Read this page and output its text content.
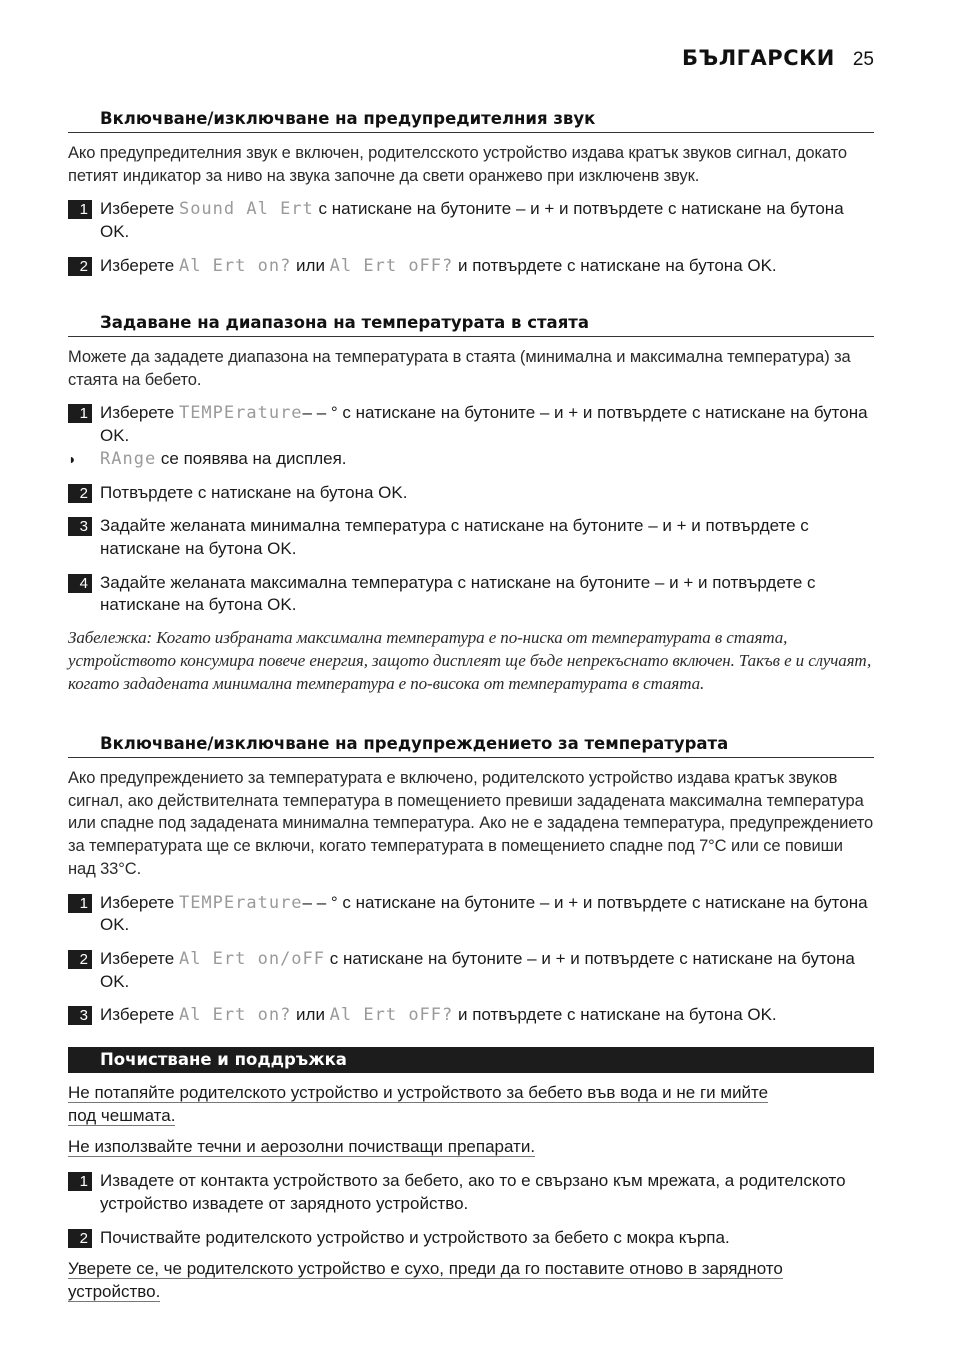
БЪЛГАРСКИ 25
Включване/изключване на предупредителния звук
Ако предупредителния звук е включен, родителсското устройство издава кратък звуков сигнал, докато петият индикатор за ниво на звука започне да свети оранжево при изключенв звук.
1 Изберете Sound Al Ert с натискане на бутоните – и + и потвърдете с натискане на бутона OK.
2 Изберете Al Ert on? или Al Ert oFF? и потвърдете с натискане на бутона OK.
Задаване на диапазона на температурата в стаята
Можете да зададете диапазона на температурата в стаята (минимална и максимална температура) за стаята на бебето.
1 Изберете TEMPErature– – ° с натискане на бутоните – и + и потвърдете с натискане на бутона OK.
◗	RAnge се появява на дисплея.
2 Потвърдете с натискане на бутона OK.
3 Задайте желаната минимална температура с натискане на бутоните – и + и потвърдете с натискане на бутона OK.
4 Задайте желаната максимална температура с натискане на бутоните – и + и потвърдете с натискане на бутона OK.
Забележка: Когато избраната максимална температура е по-ниска от температурата в стаята, устройството консумира повече енергия, защото дисплеят ще бъде непрекъснато включен. Такъв е и случаят, когато зададената минимална температура е по-висока от температурата в стаята.
Включване/изключване на предупреждението за температурата
Ако предупреждението за температурата е включено, родителското устройство издава кратък звуков сигнал, ако действителната температура в помещението превиши зададената максимална температура или спадне под зададената минимална температура. Ако не е зададена температура, предупреждението за температурата ще се включи, когато температурата в помещението спадне под 7°C или се повиши над 33°C.
1 Изберете TEMPErature– – ° с натискане на бутоните – и + и потвърдете с натискане на бутона OK.
2 Изберете Al Ert on/oFF с натискане на бутоните – и + и потвърдете с натискане на бутона OK.
3 Изберете Al Ert on? или Al Ert oFF? и потвърдете с натискане на бутона OK.
Почистване и поддръжка
Не потапяйте родителското устройство и устройството за бебето във вода и не ги мийте
под чешмата.
Не използвайте течни и аерозолни почистващи препарати.
1 Извадете от контакта устройството за бебето, ако то е свързано към мрежата, а родителското устройство извадете от зарядното устройство.
2 Почиствайте родителското устройство и устройството за бебето с мокра кърпа.
Уверете се, че родителското устройство е сухо, преди да го поставите отново в зарядното
устройство.
